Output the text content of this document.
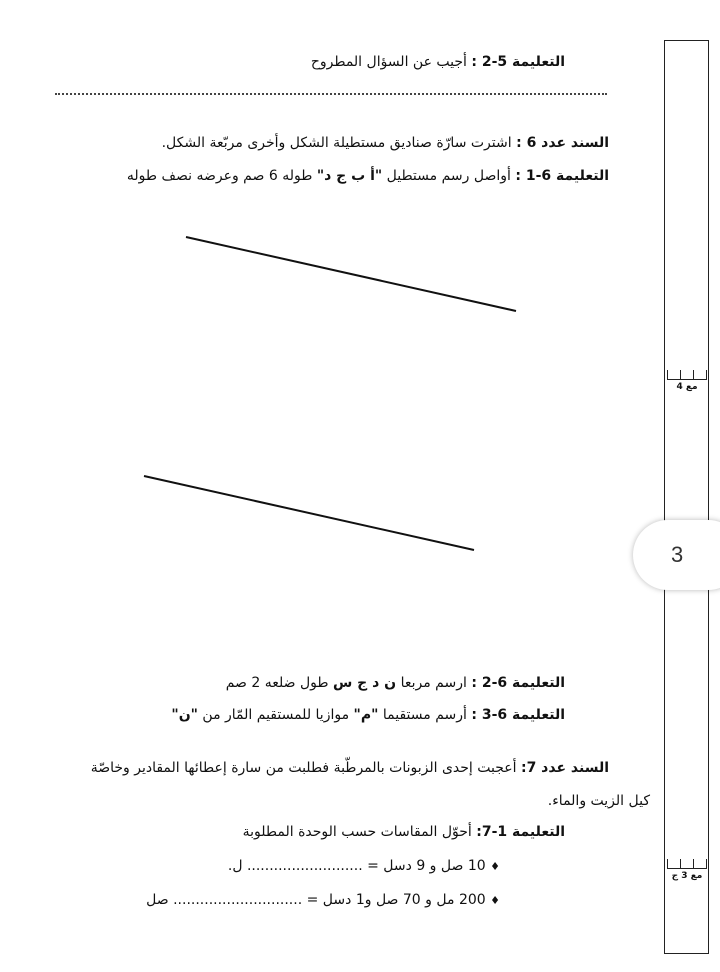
التعليمة 5-2 : أجيب عن السؤال المطروح
السند عدد 6 : اشترت سارّة صناديق مستطيلة الشكل وأخرى مربّعة الشكل.
التعليمة 6-1 : أواصل رسم مستطيل "أ ب ج د" طوله 6 صم وعرضه نصف طوله
التعليمة 6-2 : ارسم مربعا ن د ج س طول ضلعه 2 صم
التعليمة 6-3 : أرسم مستقيما "م" موازيا للمستقيم المّار من "ن"
السند عدد 7: أعجبت إحدى الزبونات بالمرطّبة فطلبت من سارة إعطائها المقادير وخاصّة
كيل الزيت والماء.
التعليمة 1-7: أحوّل المقاسات حسب الوحدة المطلوبة
♦ 10 صل و 9 دسل = .......................... ل.
♦ 200 مل و 70 صل و1 دسل = ............................. صل
مع 4
مع 3 ج
3
